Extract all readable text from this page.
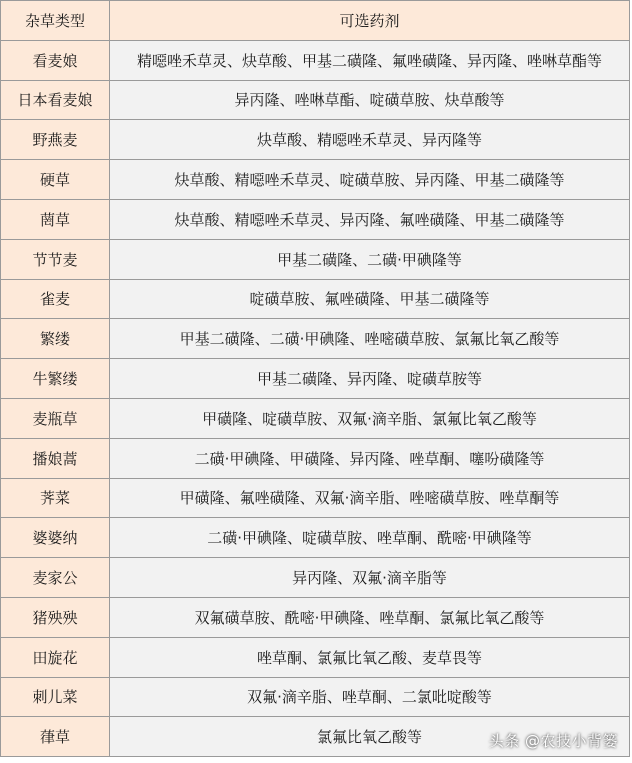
杂草类型	可选药剂
看麦娘	精噁唑禾草灵、炔草酸、甲基二磺隆、氟唑磺隆、异丙隆、唑啉草酯等
日本看麦娘	异丙隆、唑啉草酯、啶磺草胺、炔草酸等
野燕麦	炔草酸、精噁唑禾草灵、异丙隆等
硬草	炔草酸、精噁唑禾草灵、啶磺草胺、异丙隆、甲基二磺隆等
菵草	炔草酸、精噁唑禾草灵、异丙隆、氟唑磺隆、甲基二磺隆等
节节麦	甲基二磺隆、二磺·甲碘隆等
雀麦	啶磺草胺、氟唑磺隆、甲基二磺隆等
繁缕	甲基二磺隆、二磺·甲碘隆、唑嘧磺草胺、氯氟比氧乙酸等
牛繁缕	甲基二磺隆、异丙隆、啶磺草胺等
麦瓶草	甲磺隆、啶磺草胺、双氟·滴辛脂、氯氟比氧乙酸等
播娘蒿	二磺·甲碘隆、甲磺隆、异丙隆、唑草酮、噻吩磺隆等
荠菜	甲磺隆、氟唑磺隆、双氟·滴辛脂、唑嘧磺草胺、唑草酮等
婆婆纳	二磺·甲碘隆、啶磺草胺、唑草酮、酰嘧·甲碘隆等
麦家公	异丙隆、双氟·滴辛脂等
猪殃殃	双氟磺草胺、酰嘧·甲碘隆、唑草酮、氯氟比氧乙酸等
田旋花	唑草酮、氯氟比氧乙酸、麦草畏等
刺儿菜	双氟·滴辛脂、唑草酮、二氯吡啶酸等
葎草	氯氟比氧乙酸等	头条 @农技小背篓
